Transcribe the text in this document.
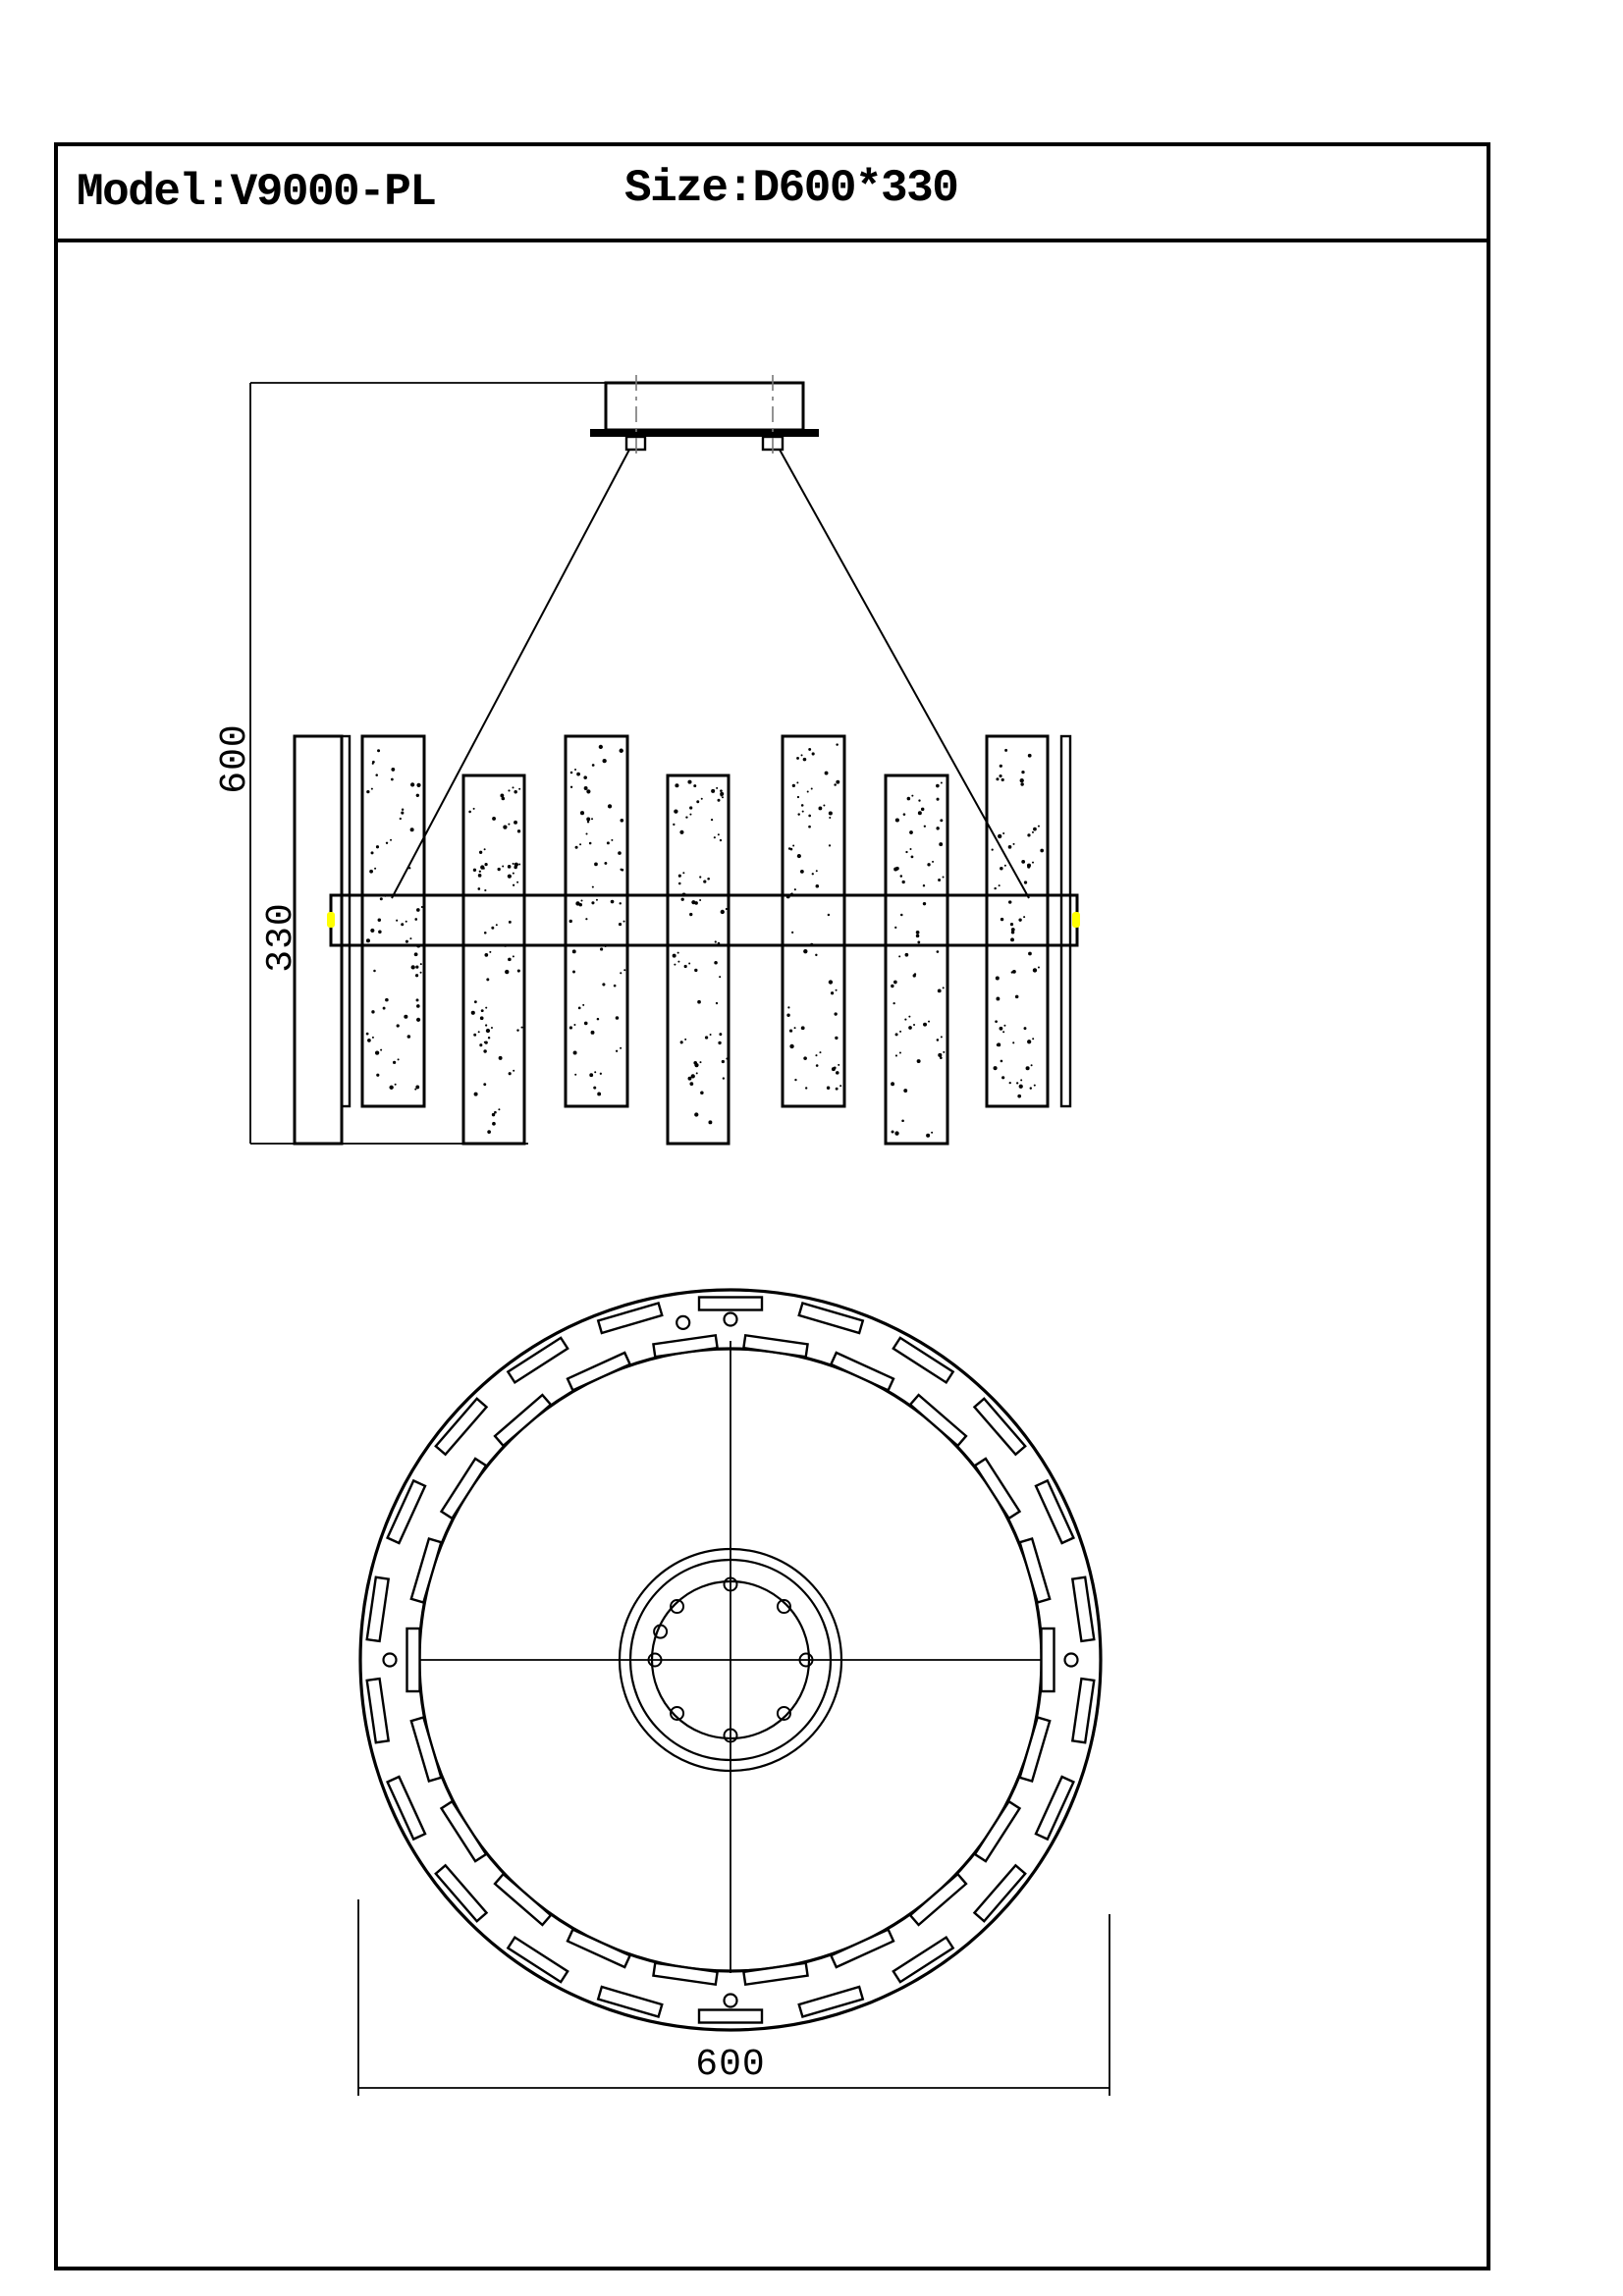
Model:V9000-PL	Size:D600*330
600
330
600
